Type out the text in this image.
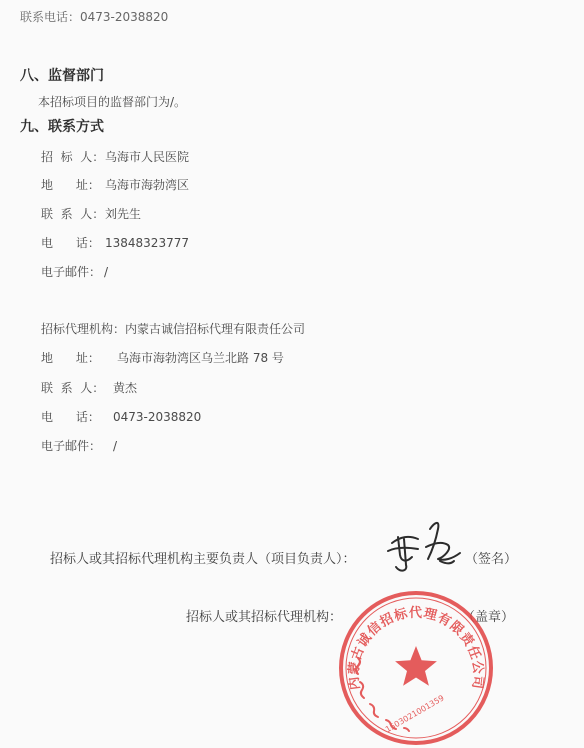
联系电话：0473-2038820
八、监督部门
本招标项目的监督部门为/。
九、联系方式
招  标  人： 乌海市人民医院
地      址： 乌海市海勃湾区
联  系  人： 刘先生
电      话： 13848323777
电子邮件： /
招标代理机构： 内蒙古诚信招标代理有限责任公司
地      址： 乌海市海勃湾区乌兰北路 78 号
联  系  人： 黄杰
电      话： 0473-2038820
电子邮件： /
招标人或其招标代理机构主要负责人（项目负责人）：	（签名）
招标人或其招标代理机构：	（盖章）
内蒙古诚信招标代理有限责任公司
1503021001359
